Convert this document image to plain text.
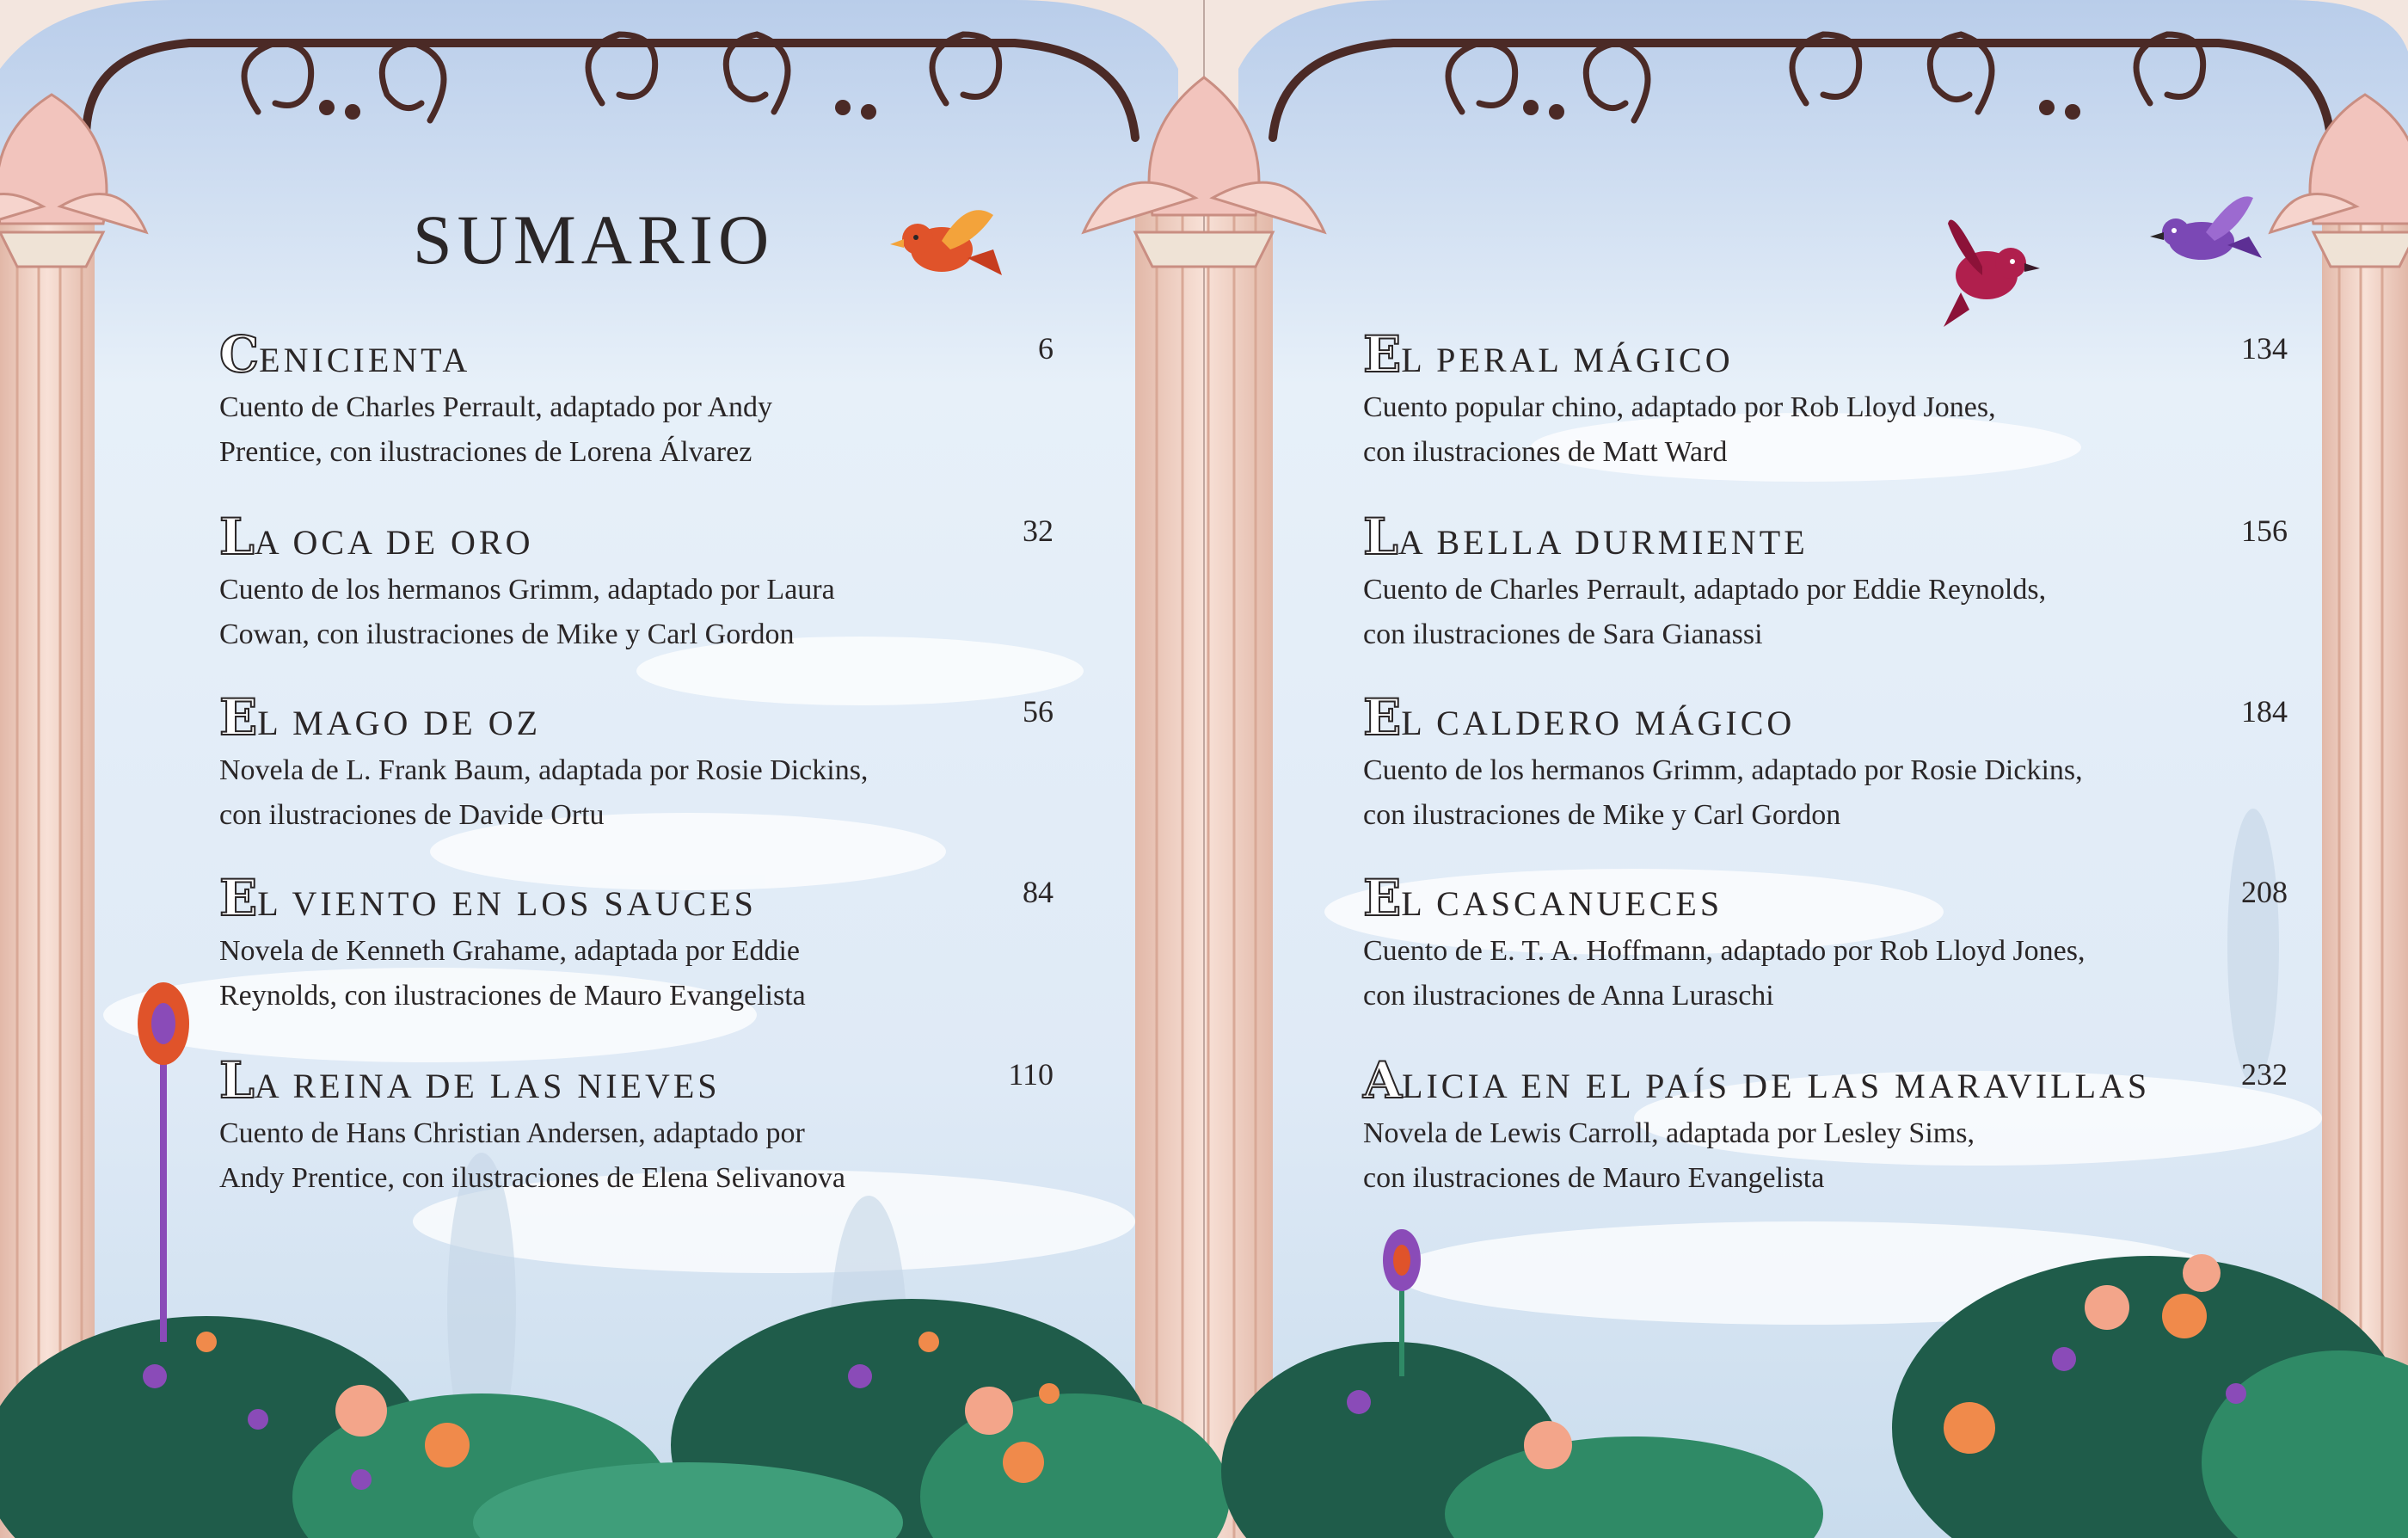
SUMARIO
CENICIENTA	6
Cuento de Charles Perrault, adaptado por Andy
Prentice, con ilustraciones de Lorena Álvarez
LA OCA DE ORO	32
Cuento de los hermanos Grimm, adaptado por Laura
Cowan, con ilustraciones de Mike y Carl Gordon
EL MAGO DE OZ	56
Novela de L. Frank Baum, adaptada por Rosie Dickins,
con ilustraciones de Davide Ortu
EL VIENTO EN LOS SAUCES	84
Novela de Kenneth Grahame, adaptada por Eddie
Reynolds, con ilustraciones de Mauro Evangelista
LA REINA DE LAS NIEVES	110
Cuento de Hans Christian Andersen, adaptado por
Andy Prentice, con ilustraciones de Elena Selivanova
EL PERAL MÁGICO	134
Cuento popular chino, adaptado por Rob Lloyd Jones,
con ilustraciones de Matt Ward
LA BELLA DURMIENTE	156
Cuento de Charles Perrault, adaptado por Eddie Reynolds,
con ilustraciones de Sara Gianassi
EL CALDERO MÁGICO	184
Cuento de los hermanos Grimm, adaptado por Rosie Dickins,
con ilustraciones de Mike y Carl Gordon
EL CASCANUECES	208
Cuento de E. T. A. Hoffmann, adaptado por Rob Lloyd Jones,
con ilustraciones de Anna Luraschi
ALICIA EN EL PAÍS DE LAS MARAVILLAS	232
Novela de Lewis Carroll, adaptada por Lesley Sims,
con ilustraciones de Mauro Evangelista
